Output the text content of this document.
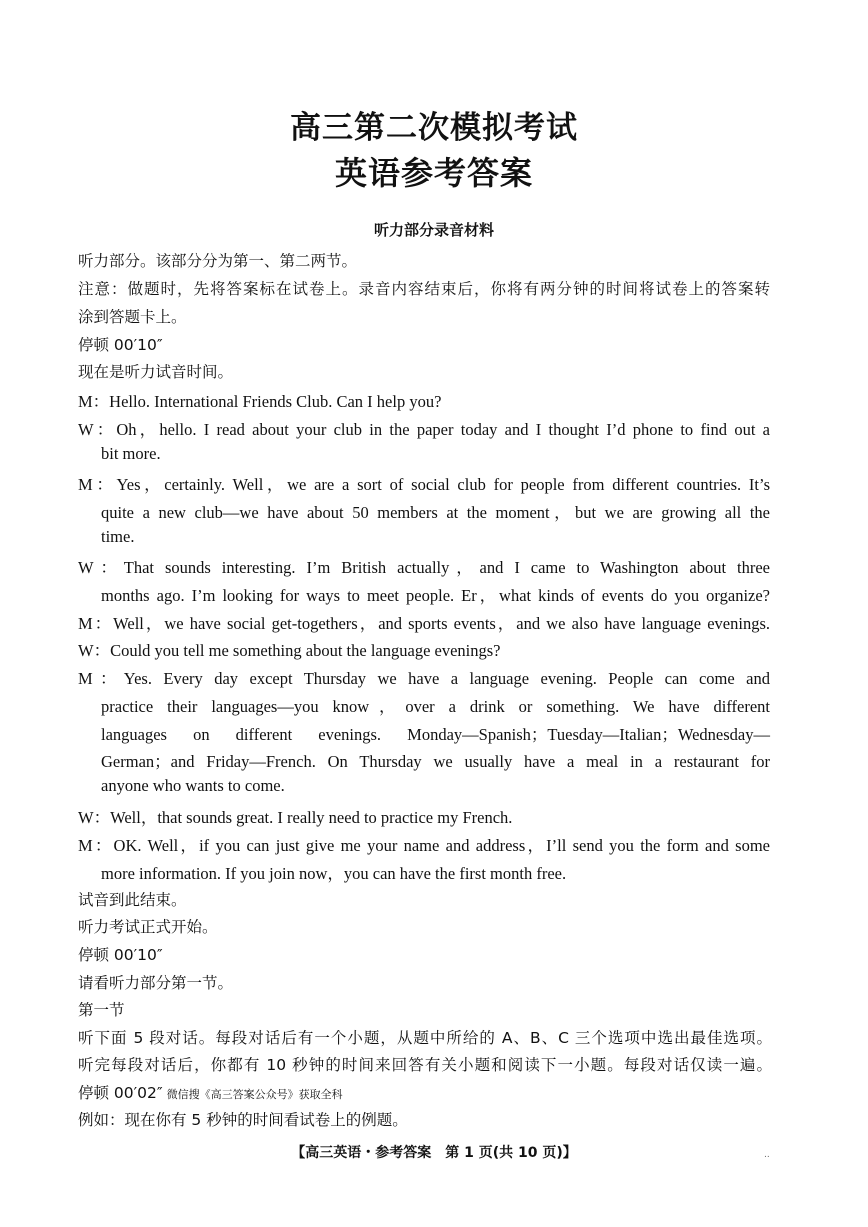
高三第二次模拟考试
英语参考答案
听力部分录音材料
听力部分。该部分分为第一、第二两节。
注意：做题时，先将答案标在试卷上。录音内容结束后，你将有两分钟的时间将试卷上的答案转
涂到答题卡上。
停顿 00′10″
现在是听力试音时间。
M：Hello. International Friends Club. Can I help you?
W：Oh，hello. I read about your club in the paper today and I thought I’d phone to find out a
bit more.
M：Yes，certainly. Well，we are a sort of social club for people from different countries. It’s
quite a new club—we have about 50 members at the moment，but we are growing all the
time.
W：That sounds interesting. I’m British actually，and I came to Washington about three
months ago. I’m looking for ways to meet people. Er，what kinds of events do you organize?
M：Well，we have social get-togethers，and sports events，and we also have language evenings.
W：Could you tell me something about the language evenings?
M：Yes. Every day except Thursday we have a language evening. People can come and
practice their languages—you know，over a drink or something. We have different
languages on different evenings. Monday—Spanish；Tuesday—Italian；Wednesday—
German；and Friday—French. On Thursday we usually have a meal in a restaurant for
anyone who wants to come.
W：Well，that sounds great. I really need to practice my French.
M：OK. Well，if you can just give me your name and address，I’ll send you the form and some
more information. If you join now，you can have the first month free.
试音到此结束。
听力考试正式开始。
停顿 00′10″
请看听力部分第一节。
第一节
听下面 5 段对话。每段对话后有一个小题，从题中所给的 A、B、C 三个选项中选出最佳选项。
听完每段对话后，你都有 10 秒钟的时间来回答有关小题和阅读下一小题。每段对话仅读一遍。
停顿 00′02″ 微信搜《高三答案公众号》获取全科
例如：现在你有 5 秒钟的时间看试卷上的例题。
【高三英语・参考答案　第 1 页(共 10 页)】	..
